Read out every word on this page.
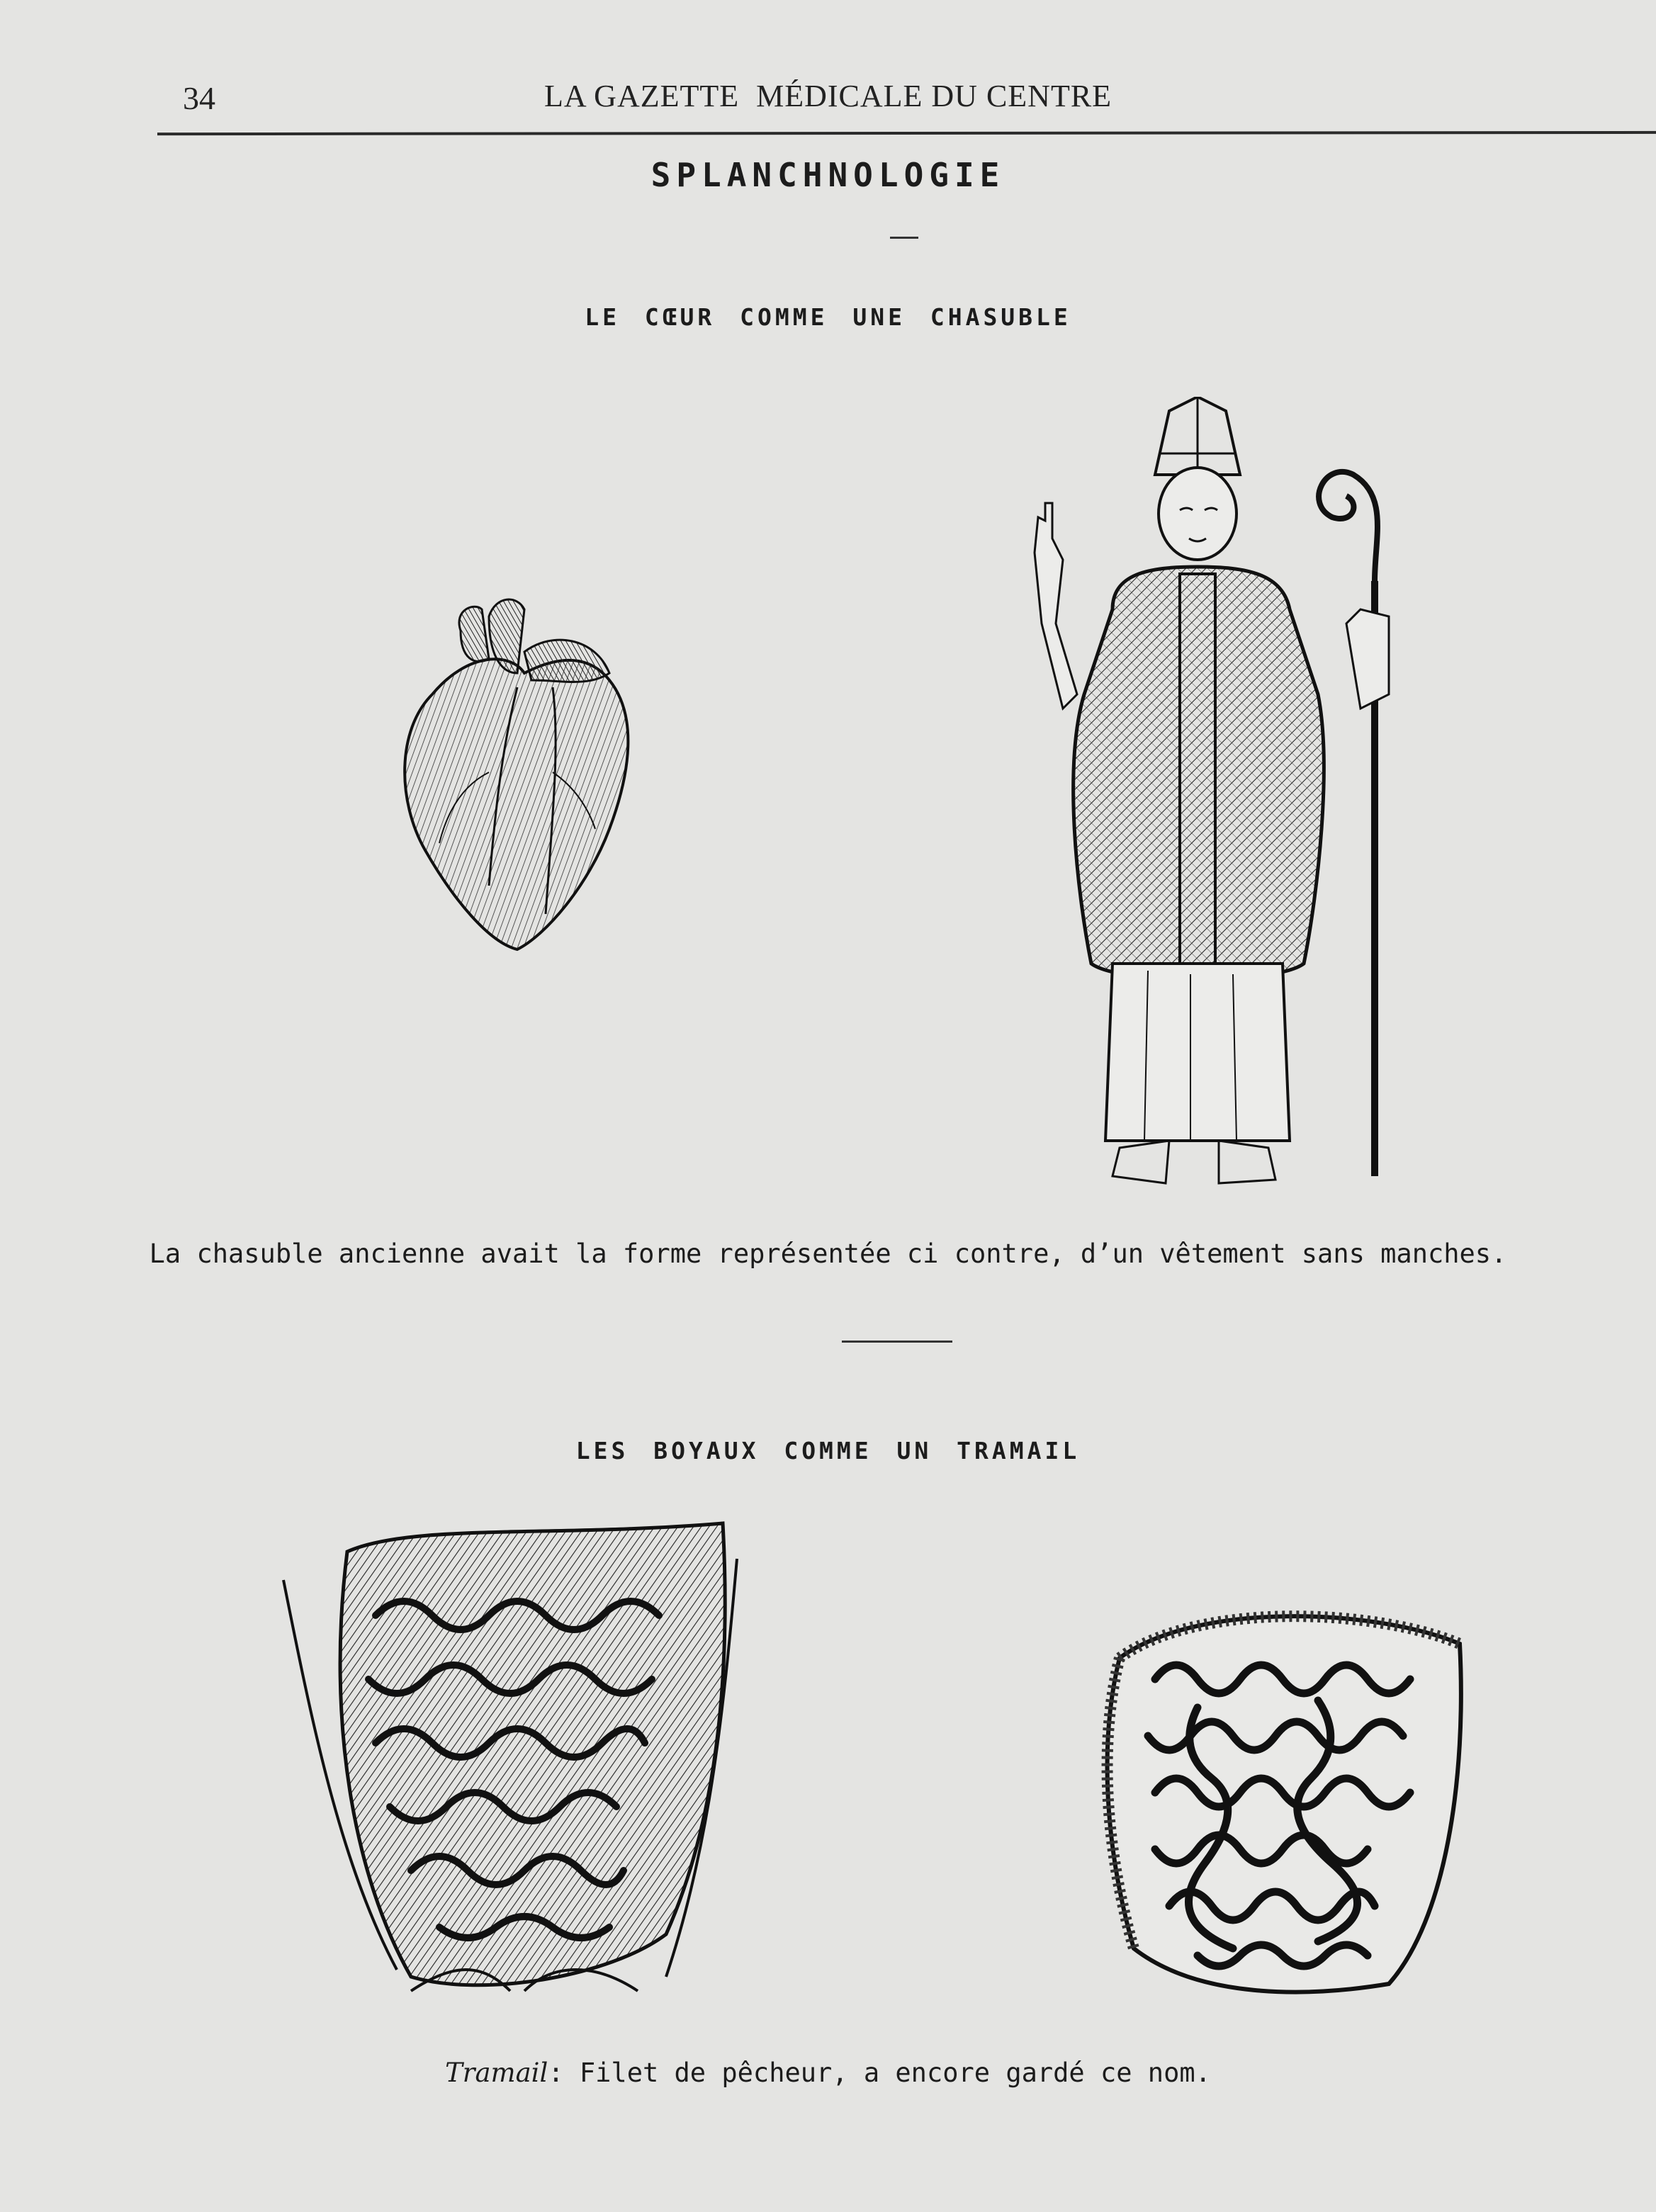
34	LA GAZETTE  MÉDICALE DU CENTRE
SPLANCHNOLOGIE
LE CŒUR COMME UNE CHASUBLE
La chasuble ancienne avait la forme représentée ci contre, d’un vêtement sans manches.
LES BOYAUX COMME UN TRAMAIL
Tramail: Filet de pêcheur, a encore gardé ce nom.
